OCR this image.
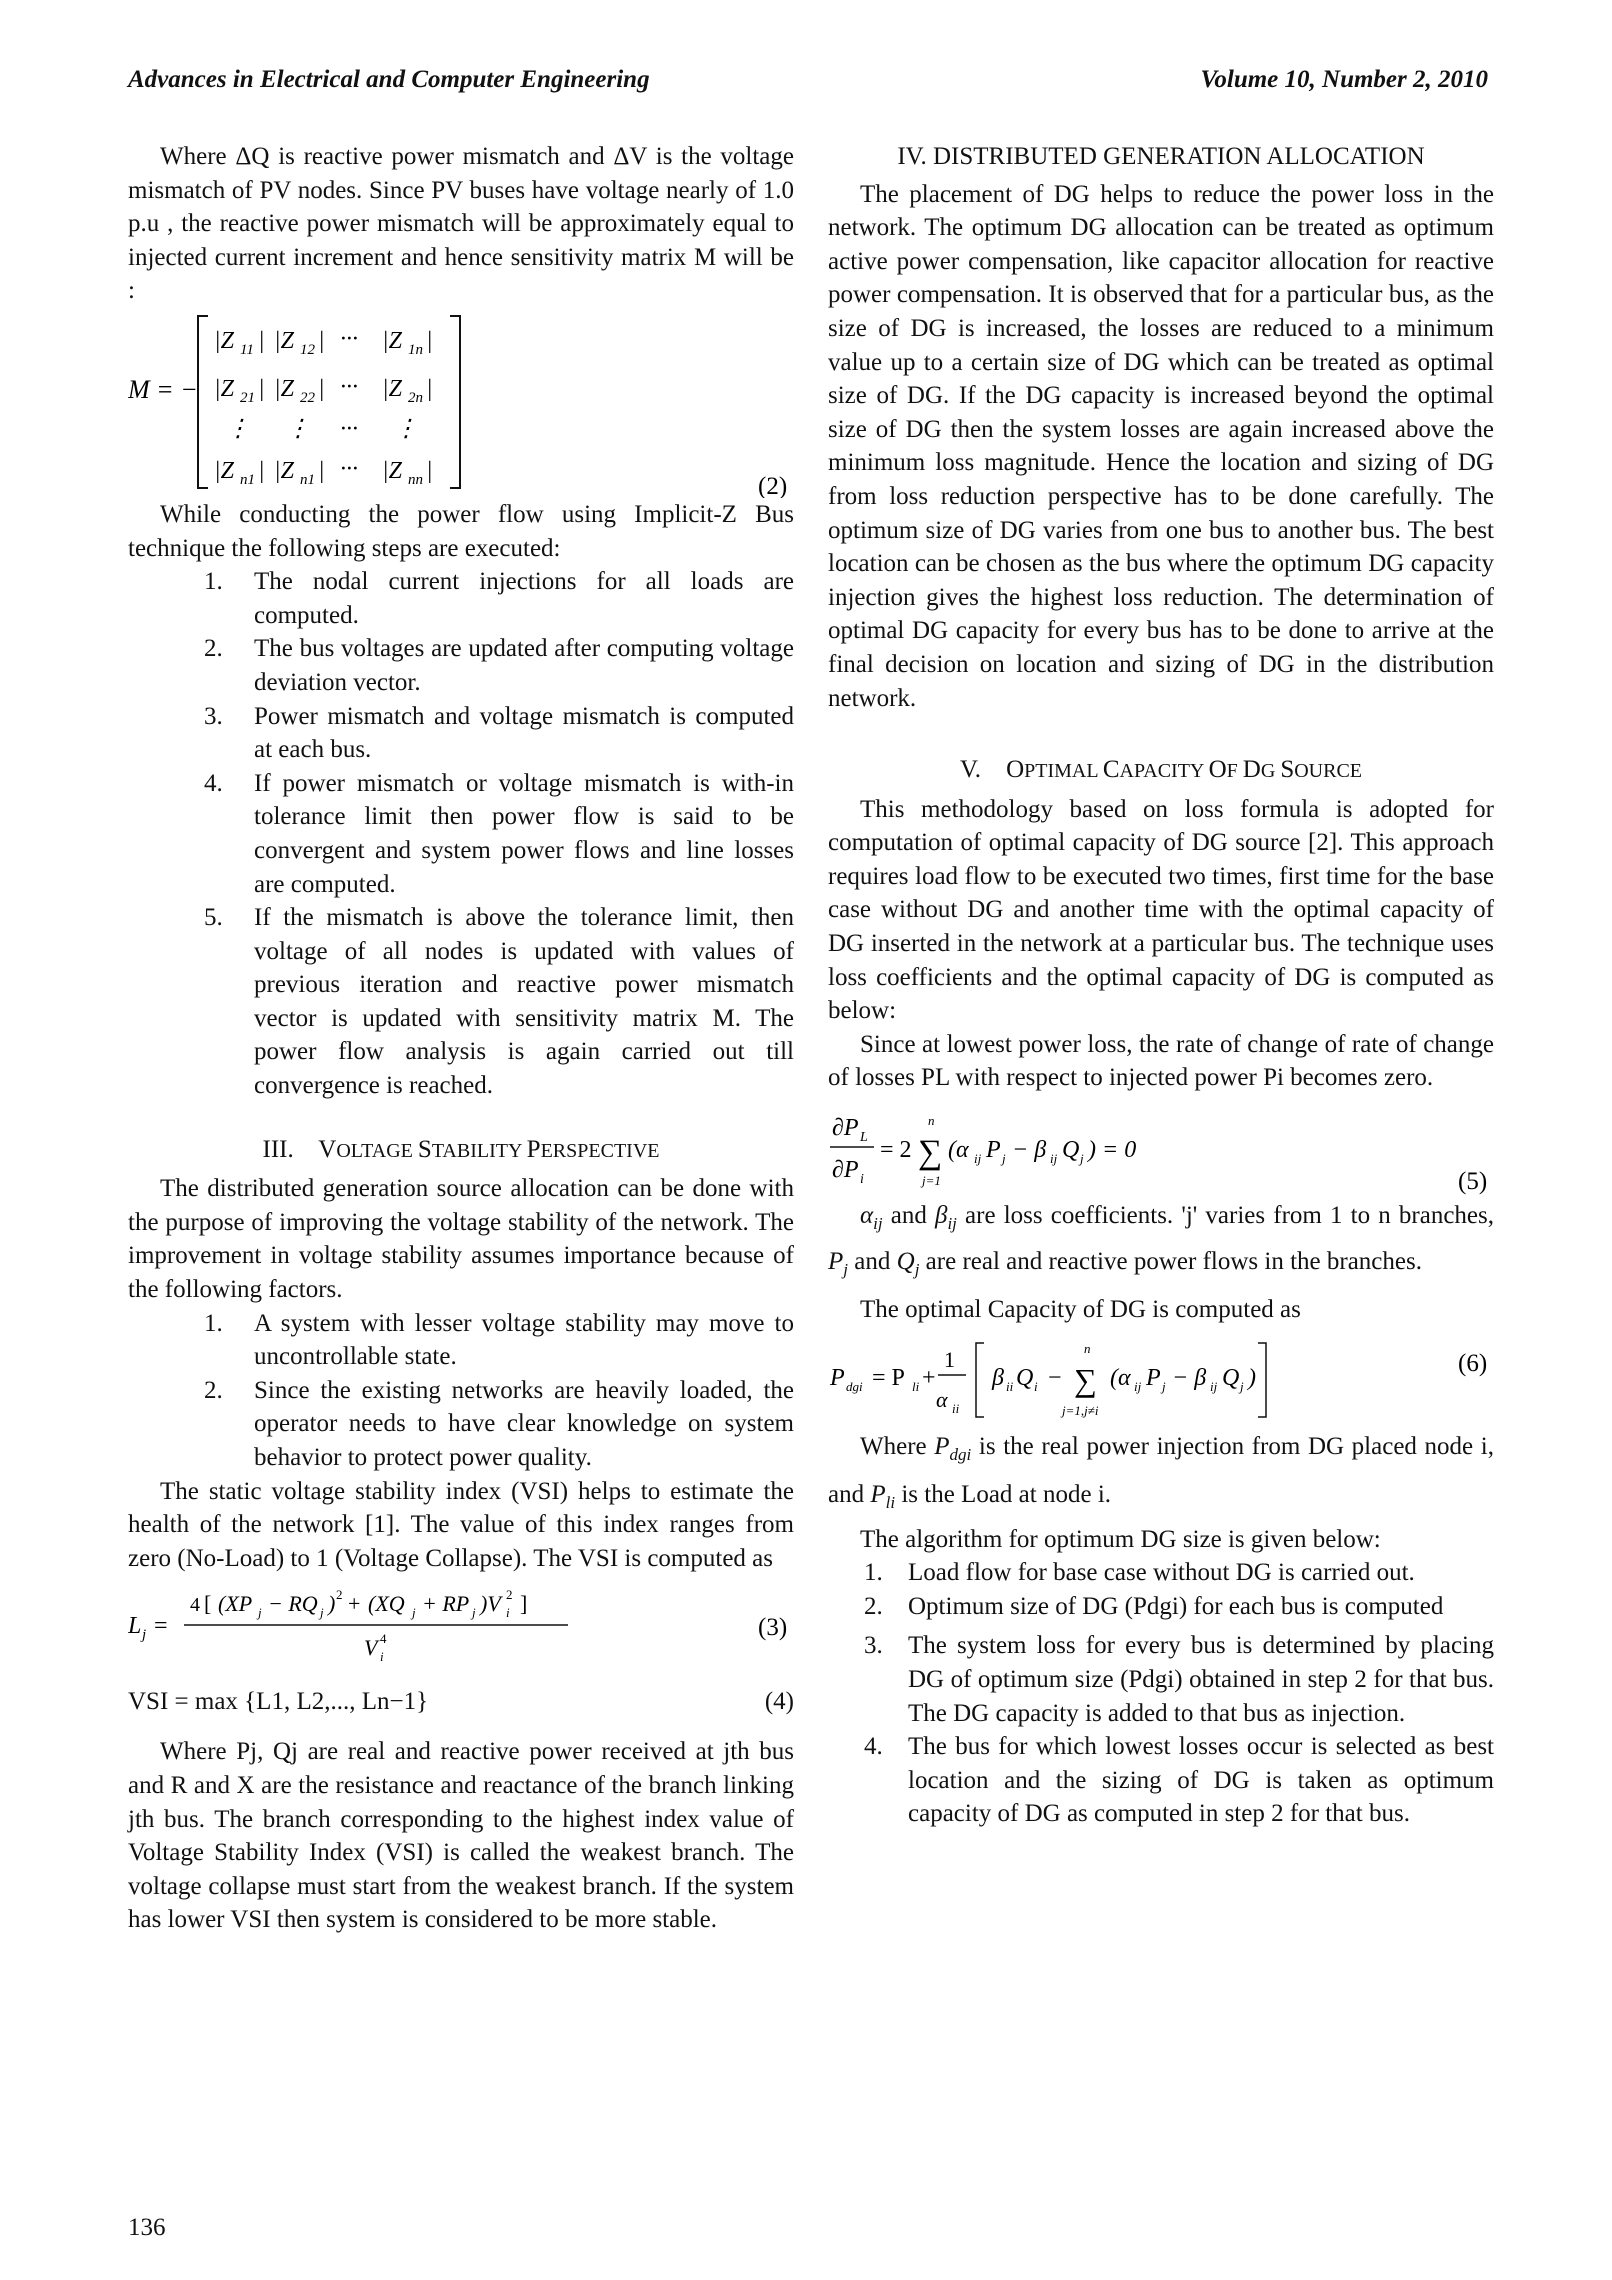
Advances in Electrical and Computer Engineering	Volume 10, Number 2, 2010

Where ΔQ is reactive power mismatch and ΔV is the voltage mismatch of PV nodes. Since PV buses have voltage nearly of 1.0 p.u , the reactive power mismatch will be approximately equal to injected current increment and hence sensitivity matrix M will be :

M = −
|Z 11 | |Z 12 | ··· |Z 1n |
|Z 21 | |Z 22 | ··· |Z 2n |
⋮ ⋮ ··· ⋮
|Z n1 | |Z n1 | ··· |Z nn |
(2)

While conducting the power flow using Implicit-Z Bus technique the following steps are executed:

1. The nodal current injections for all loads are computed.
2. The bus voltages are updated after computing voltage deviation vector.
3. Power mismatch and voltage mismatch is computed at each bus.
4. If power mismatch or voltage mismatch is with-in tolerance limit then power flow is said to be convergent and system power flows and line losses are computed.
5. If the mismatch is above the tolerance limit, then voltage of all nodes is updated with values of previous iteration and reactive power mismatch vector is updated with sensitivity matrix M. The power flow analysis is again carried out till convergence is reached.
III. VOLTAGE STABILITY PERSPECTIVE

The distributed generation source allocation can be done with the purpose of improving the voltage stability of the network. The improvement in voltage stability assumes importance because of the following factors.

1. A system with lesser voltage stability may move to uncontrollable state.
2. Since the existing networks are heavily loaded, the operator needs to have clear knowledge on system behavior to protect power quality.

The static voltage stability index (VSI) helps to estimate the health of the network [1]. The value of this index ranges from zero (No-Load) to 1 (Voltage Collapse). The VSI is computed as

L j =
4 [ (XP j − RQ j ) 2 + (XQ j + RP j )V i
2 ]
V i
4	(3)
VSI = max {L1, L2,..., Ln−1}	(4)

Where Pj, Qj are real and reactive power received at jth bus and R and X are the resistance and reactance of the branch linking jth bus. The branch corresponding to the highest index value of Voltage Stability Index (VSI) is called the weakest branch. The voltage collapse must start from the weakest branch. If the system has lower VSI then system is considered to be more stable.

IV. DISTRIBUTED GENERATION ALLOCATION

The placement of DG helps to reduce the power loss in the network. The optimum DG allocation can be treated as optimum active power compensation, like capacitor allocation for reactive power compensation. It is observed that for a particular bus, as the size of DG is increased, the losses are reduced to a minimum value up to a certain size of DG which can be treated as optimal size of DG. If the DG capacity is increased beyond the optimal size of DG then the system losses are again increased above the minimum loss magnitude. Hence the location and sizing of DG from loss reduction perspective has to be done carefully. The optimum size of DG varies from one bus to another bus. The best location can be chosen as the bus where the optimum DG capacity injection gives the highest loss reduction. The determination of optimal DG capacity for every bus has to be done to arrive at the final decision on location and sizing of DG in the distribution network.

V. OPTIMAL CAPACITY OF DG SOURCE

This methodology based on loss formula is adopted for computation of optimal capacity of DG source [2]. This approach requires load flow to be executed two times, first time for the base case without DG and another time with the optimal capacity of DG inserted in the network at a particular bus. The technique uses loss coefficients and the optimal capacity of DG is computed as below:

Since at lowest power loss, the rate of change of rate of change of losses PL with respect to injected power Pi becomes zero.

∂P L
∂P i
= 2 ∑
n
j=1
(α ij P j − β ij Q j ) = 0
(5)

$\alpha_{ij}$ and $\beta_{ij}$ are loss coefficients. 'j' varies from 1 to n branches, $P_j$ and $Q_j$ are real and reactive power flows in the branches.

The optimal Capacity of DG is computed as

P dgi = P li +
1
α ii
β ii Q i − ∑
n
j=1,j≠i
(α ij P j − β ij Q j )
(6)

Where $P_{dgi}$ is the real power injection from DG placed node i, and $P_{li}$ is the Load at node i.

The algorithm for optimum DG size is given below:

1. Load flow for base case without DG is carried out.
2. Optimum size of DG (Pdgi) for each bus is computed
3. The system loss for every bus is determined by placing DG of optimum size (Pdgi) obtained in step 2 for that bus. The DG capacity is added to that bus as injection.
4. The bus for which lowest losses occur is selected as best location and the sizing of DG is taken as optimum capacity of DG as computed in step 2 for that bus.
136
